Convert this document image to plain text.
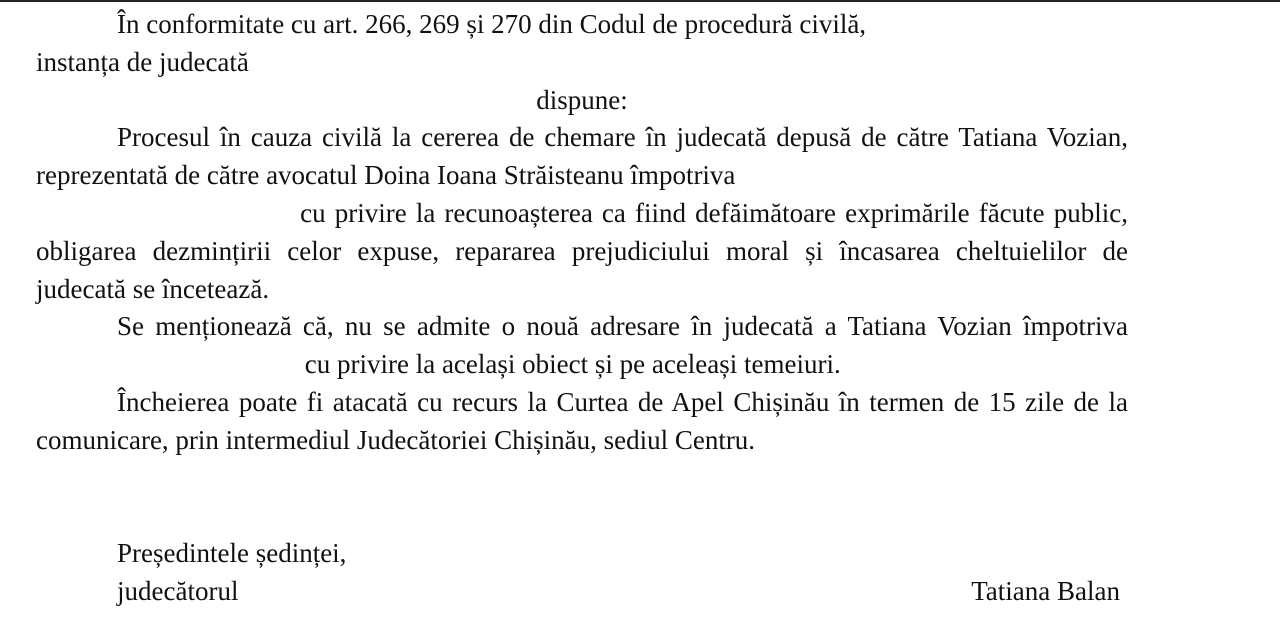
În conformitate cu art. 266, 269 și 270 din Codul de procedură civilă,

instanța de judecată

dispune:

Procesul în cauza civilă la cererea de chemare în judecată depusă de către Tatiana Vozian, reprezentată de către avocatul Doina Ioana Străisteanu împotriva
cu privire la recunoașterea ca fiind defăimătoare exprimările făcute public, obligarea dezmințirii celor expuse, repararea prejudiciului moral și încasarea cheltuielilor de judecată se încetează.

Se menționează că, nu se admite o nouă adresare în judecată a Tatiana Vozian împotriva  cu privire la același obiect și pe aceleași temeiuri.

Încheierea poate fi atacată cu recurs la Curtea de Apel Chișinău în termen de 15 zile de la comunicare, prin intermediul Judecătoriei Chișinău, sediul Centru.

Președintele ședinței,
judecătorul	Tatiana Balan
